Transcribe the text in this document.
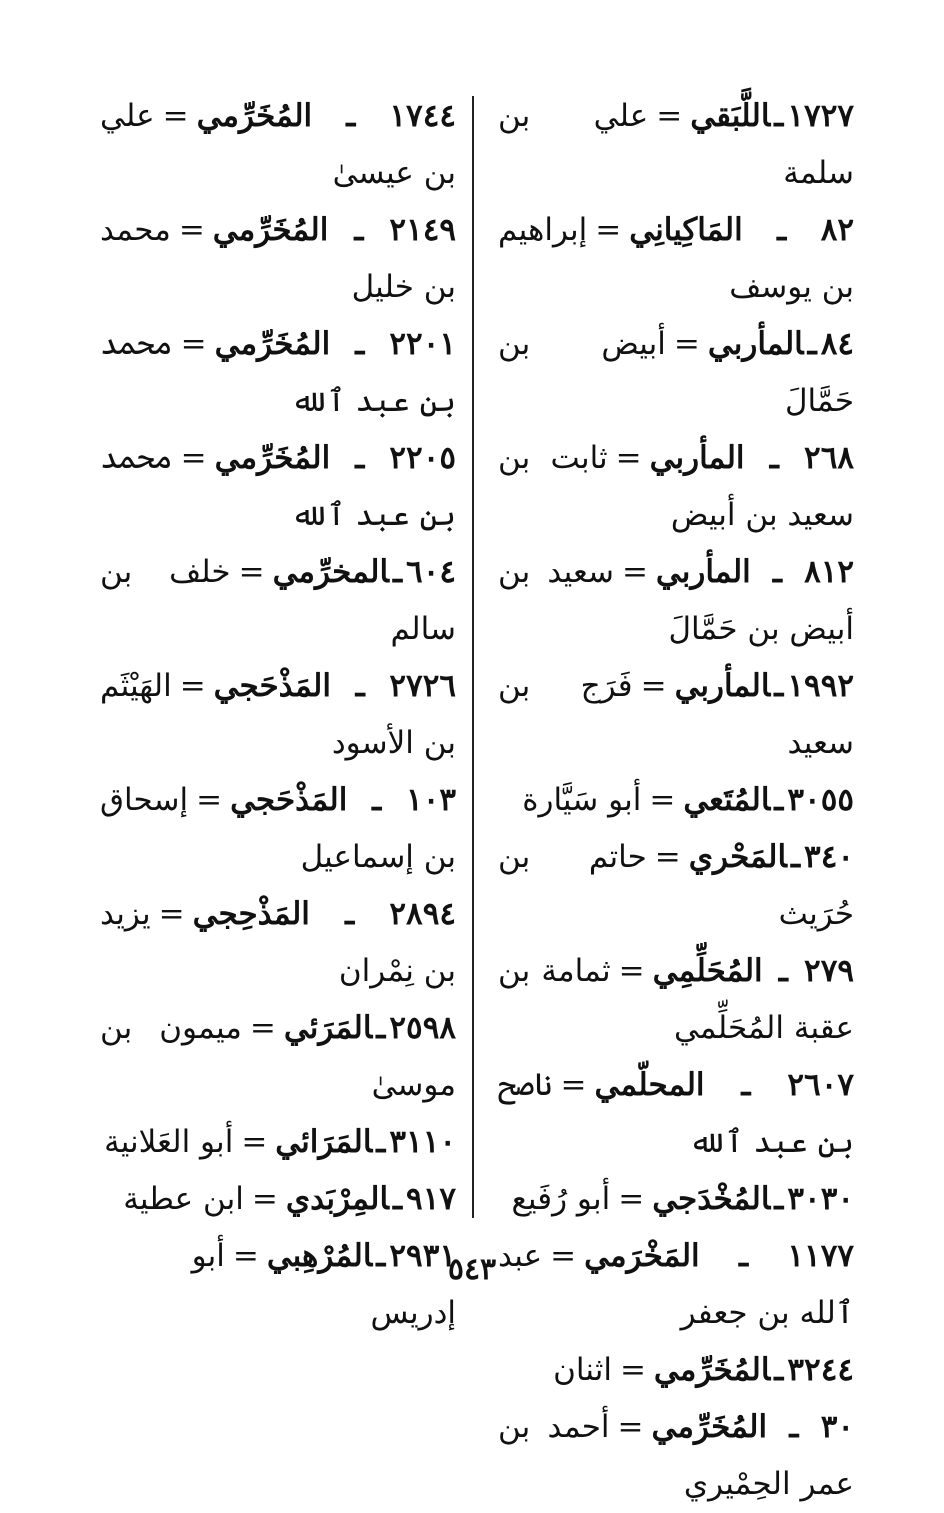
١٧٢٧ـاللَّبَقي=علي بن سلمة

٨٢ ـ المَاكِيانِي=إبراهيم بن يوسف

٨٤ـالمأربي=أبيض بن حَمَّالَ

٢٦٨ ـ المأربي=ثابت بن سعيد بن أبيض

٨١٢ ـ المأربي=سعيد بن أبيض بن حَمَّالَ

١٩٩٢ـالمأربي=فَرَج بن سعيد

٣٠٥٥ـالمُتَعي=أبو سَيَّارة

٣٤٠ـالمَحْري=حاتم بن حُرَيث

٢٧٩ ـ المُحَلِّمِي=ثمامة بن عقبة المُحَلِّمي

٢٦٠٧ ـ المحلّمي=ناصح بن عبد ٱلله

٣٠٣٠ـالمُخْدَجي=أبو رُفَيع

١١٧٧ ـ المَخْرَمي=عبد ٱلله بن جعفر

٣٢٤٤ـالمُخَرِّمي=اثنان

٣٠ ـ المُخَرِّمي=أحمد بن عمر الحِمْيري

١٧٤٤ ـ المُخَرِّمي=علي بن عيسىٰ

٢١٤٩ ـ المُخَرِّمي=محمد بن خليل

٢٢٠١ ـ المُخَرِّمي=محمد بن عبد ٱلله

٢٢٠٥ ـ المُخَرِّمي=محمد بن عبد ٱلله

٦٠٤ـالمخرِّمي=خلف بن سالم

٢٧٢٦ ـ المَذْحَجي=الهَيْثَم بن الأسود

١٠٣ ـ المَذْحَجي=إسحاق بن إسماعيل

٢٨٩٤ ـ المَذْحِجي=يزيد بن نِمْران

٢٥٩٨ـالمَرَئي=ميمون بن موسىٰ

٣١١٠ـالمَرَائي=أبو العَلانية

٩١٧ـالمِرْبَدي=ابن عطية

٢٩٣١ـالمُرْهِبي=أبو إدريس

٥٤٣
